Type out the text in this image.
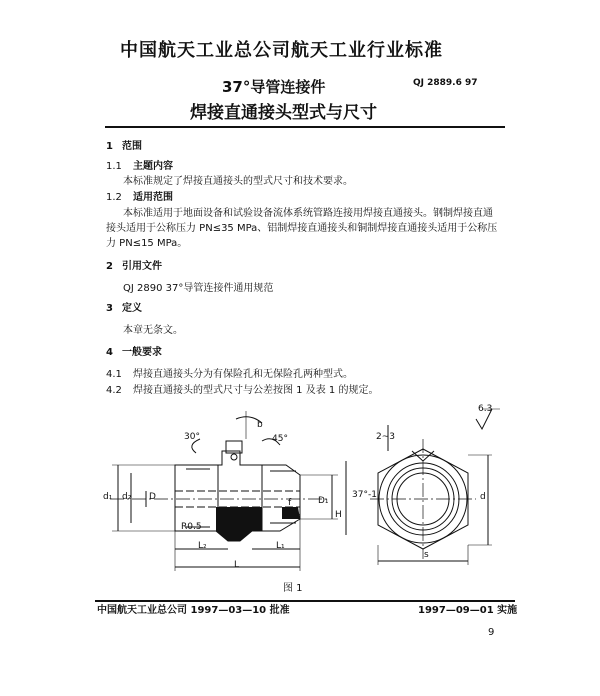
中国航天工业总公司航天工业行业标准
37°导管连接件	QJ 2889.6 97
焊接直通接头型式与尺寸
1 范围
1.1 主题内容
本标准规定了焊接直通接头的型式尺寸和技术要求。
1.2 适用范围
本标准适用于地面设备和试验设备流体系统管路连接用焊接直通接头。钢制焊接直通
接头适用于公称压力 PN≤35 MPa、铝制焊接直通接头和铜制焊接直通接头适用于公称压
力 PN≤15 MPa。
2 引用文件
QJ 2890 37°导管连接件通用规范
3 定义
本章无条文。
4 一般要求
4.1 焊接直通接头分为有保险孔和无保险孔两种型式。
4.2 焊接直通接头的型式尺寸与公差按图 1 及表 1 的规定。
d₁ d₂ D	D₁
H
30°	45°
37°-1
R0.5
L₂	L₁
L
b
f
t
s
d
2~3
6.3
图 1
中国航天工业总公司 1997—03—10 批准	1997—09—01 实施
9
